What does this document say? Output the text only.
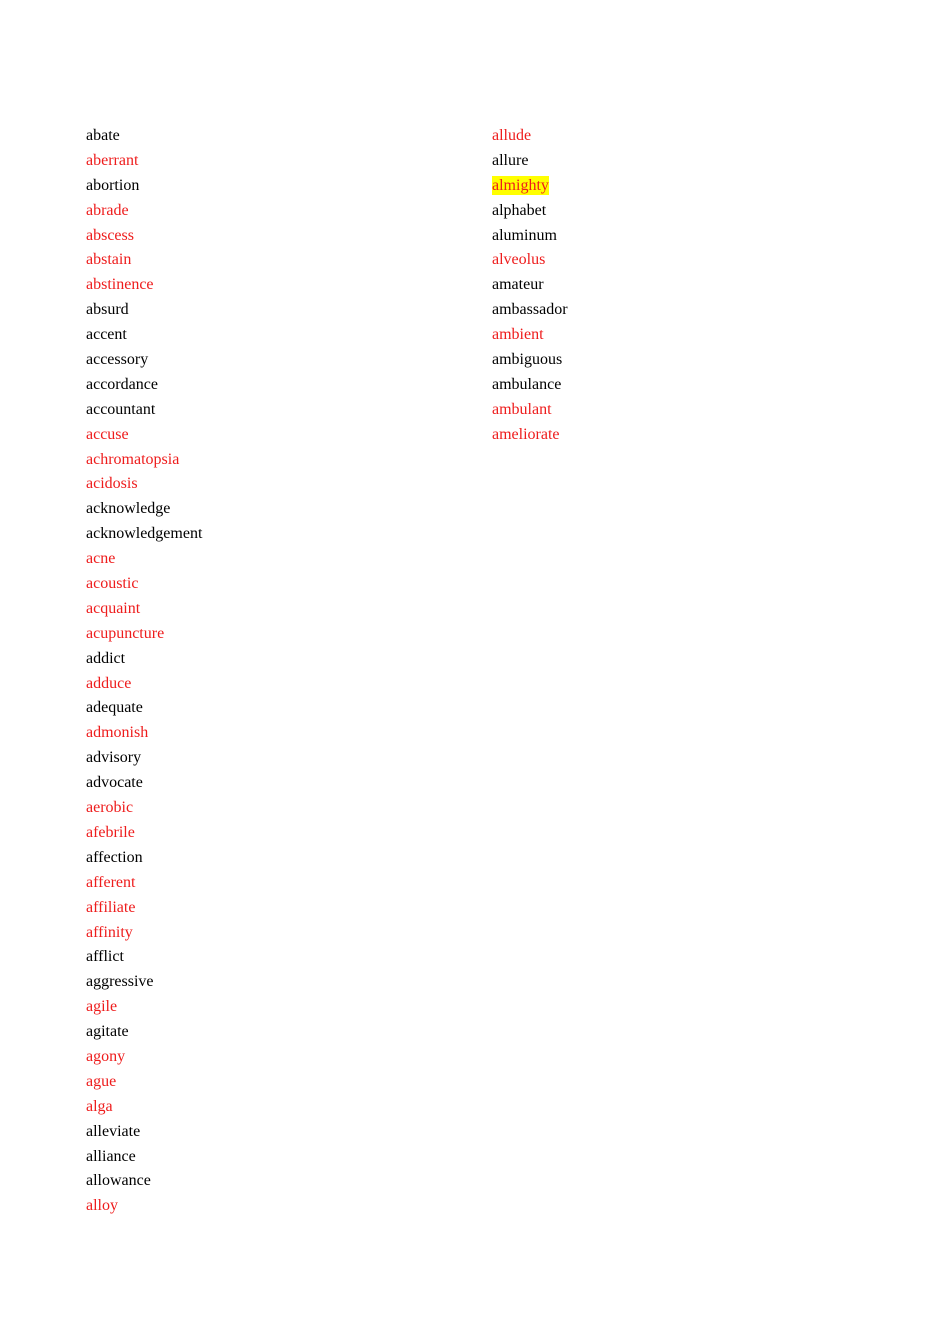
abate
aberrant
abortion
abrade
abscess
abstain
abstinence
absurd
accent
accessory
accordance
accountant
accuse
achromatopsia
acidosis
acknowledge
acknowledgement
acne
acoustic
acquaint
acupuncture
addict
adduce
adequate
admonish
advisory
advocate
aerobic
afebrile
affection
afferent
affiliate
affinity
afflict
aggressive
agile
agitate
agony
ague
alga
alleviate
alliance
allowance
alloy
allude
allure
almighty
alphabet
aluminum
alveolus
amateur
ambassador
ambient
ambiguous
ambulance
ambulant
ameliorate
